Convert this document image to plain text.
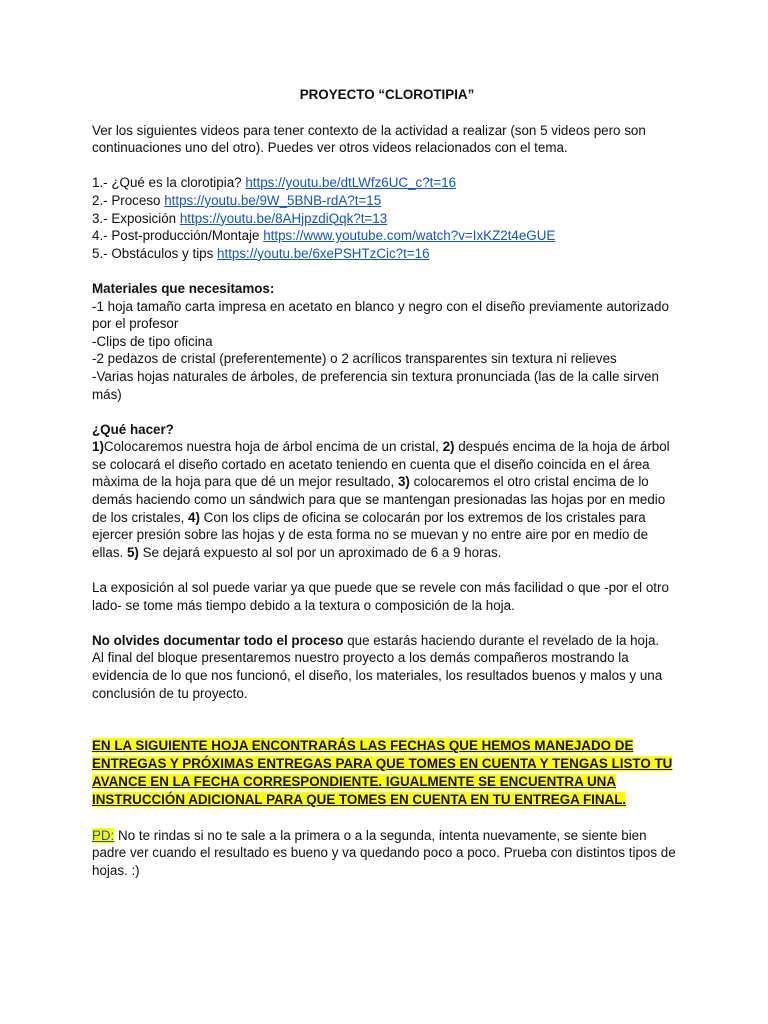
PROYECTO “CLOROTIPIA”

Ver los siguientes videos para tener contexto de la actividad a realizar (son 5 videos pero son continuaciones uno del otro). Puedes ver otros videos relacionados con el tema.

1.- ¿Qué es la clorotipia? https://youtu.be/dtLWfz6UC_c?t=16

2.- Proceso https://youtu.be/9W_5BNB-rdA?t=15

3.- Exposición https://youtu.be/8AHjpzdiQqk?t=13

4.- Post-producción/Montaje https://www.youtube.com/watch?v=IxKZ2t4eGUE

5.- Obstáculos y tips https://youtu.be/6xePSHTzCic?t=16

Materiales que necesitamos:

-1 hoja tamaño carta impresa en acetato en blanco y negro con el diseño previamente autorizado por el profesor

-Clips de tipo oficina

-2 pedazos de cristal (preferentemente) o 2 acrílicos transparentes sin textura ni relieves

-Varias hojas naturales de árboles, de preferencia sin textura pronunciada (las de la calle sirven más)

¿Qué hacer?

1)Colocaremos nuestra hoja de árbol encima de un cristal, 2) después encima de la hoja de árbol se colocará el diseño cortado en acetato teniendo en cuenta que el diseño coincida en el área màxima de la hoja para que dé un mejor resultado, 3) colocaremos el otro cristal encima de lo demás haciendo como un sándwich para que se mantengan presionadas las hojas por en medio de los cristales, 4) Con los clips de oficina se colocarán por los extremos de los cristales para ejercer presión sobre las hojas y de esta forma no se muevan y no entre aire por en medio de ellas. 5) Se dejará expuesto al sol por un aproximado de 6 a 9 horas.

La exposición al sol puede variar ya que puede que se revele con más facilidad o que -por el otro lado- se tome más tiempo debido a la textura o composición de la hoja.

No olvides documentar todo el proceso que estarás haciendo durante el revelado de la hoja.

Al final del bloque presentaremos nuestro proyecto a los demás compañeros mostrando la evidencia de lo que nos funcionó, el diseño, los materiales, los resultados buenos y malos y una conclusión de tu proyecto.

EN LA SIGUIENTE HOJA ENCONTRARÁS LAS FECHAS QUE HEMOS MANEJADO DE ENTREGAS Y PRÓXIMAS ENTREGAS PARA QUE TOMES EN CUENTA Y TENGAS LISTO TU AVANCE EN LA FECHA CORRESPONDIENTE. IGUALMENTE SE ENCUENTRA UNA INSTRUCCIÓN ADICIONAL PARA QUE TOMES EN CUENTA EN TU ENTREGA FINAL.

PD: No te rindas si no te sale a la primera o a la segunda, intenta nuevamente, se siente bien padre ver cuando el resultado es bueno y va quedando poco a poco. Prueba con distintos tipos de hojas. :)
